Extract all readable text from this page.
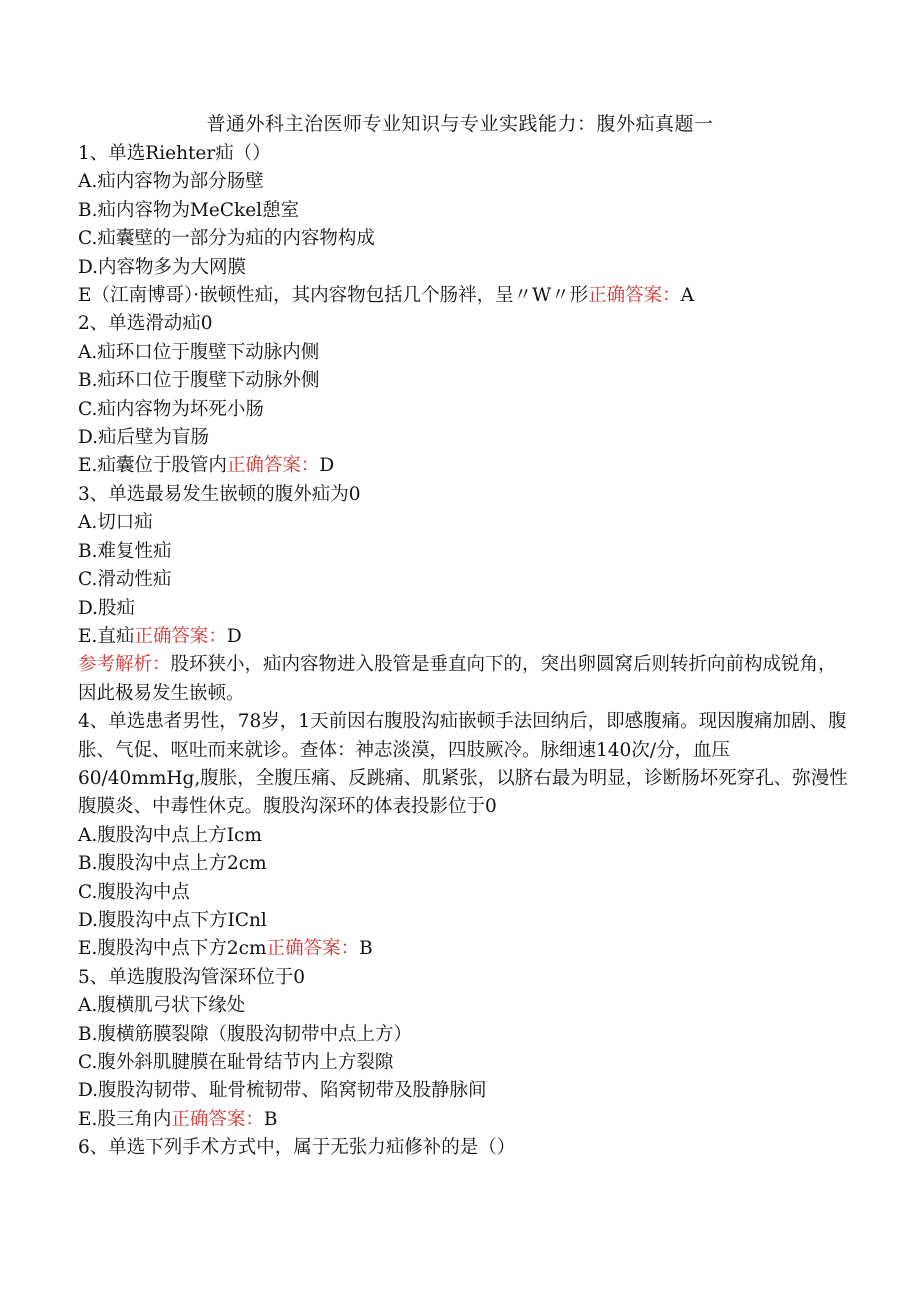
普通外科主治医师专业知识与专业实践能力：腹外疝真题一
1、单选Riehter疝（）
A.疝内容物为部分肠壁
B.疝内容物为MeCkel憩室
C.疝囊壁的一部分为疝的内容物构成
D.内容物多为大网膜
E（江南博哥）·嵌顿性疝，其内容物包括几个肠袢，呈〃W〃形正确答案：A
2、单选滑动疝0
A.疝环口位于腹壁下动脉内侧
B.疝环口位于腹壁下动脉外侧
C.疝内容物为坏死小肠
D.疝后壁为盲肠
E.疝囊位于股管内正确答案：D
3、单选最易发生嵌顿的腹外疝为0
A.切口疝
B.难复性疝
C.滑动性疝
D.股疝
E.直疝正确答案：D
参考解析：股环狭小，疝内容物进入股管是垂直向下的，突出卵圆窝后则转折向前构成锐角，因此极易发生嵌顿。
4、单选患者男性，78岁，1天前因右腹股沟疝嵌顿手法回纳后，即感腹痛。现因腹痛加剧、腹胀、气促、呕吐而来就诊。查体：神志淡漠，四肢厥冷。脉细速140次/分，血压60/40mmHg,腹胀，全腹压痛、反跳痛、肌紧张，以脐右最为明显，诊断肠坏死穿孔、弥漫性腹膜炎、中毒性休克。腹股沟深环的体表投影位于0
A.腹股沟中点上方Icm
B.腹股沟中点上方2cm
C.腹股沟中点
D.腹股沟中点下方ICnl
E.腹股沟中点下方2cm正确答案：B
5、单选腹股沟管深环位于0
A.腹横肌弓状下缘处
B.腹横筋膜裂隙（腹股沟韧带中点上方）
C.腹外斜肌腱膜在耻骨结节内上方裂隙
D.腹股沟韧带、耻骨梳韧带、陷窝韧带及股静脉间
E.股三角内正确答案：B
6、单选下列手术方式中，属于无张力疝修补的是（）
